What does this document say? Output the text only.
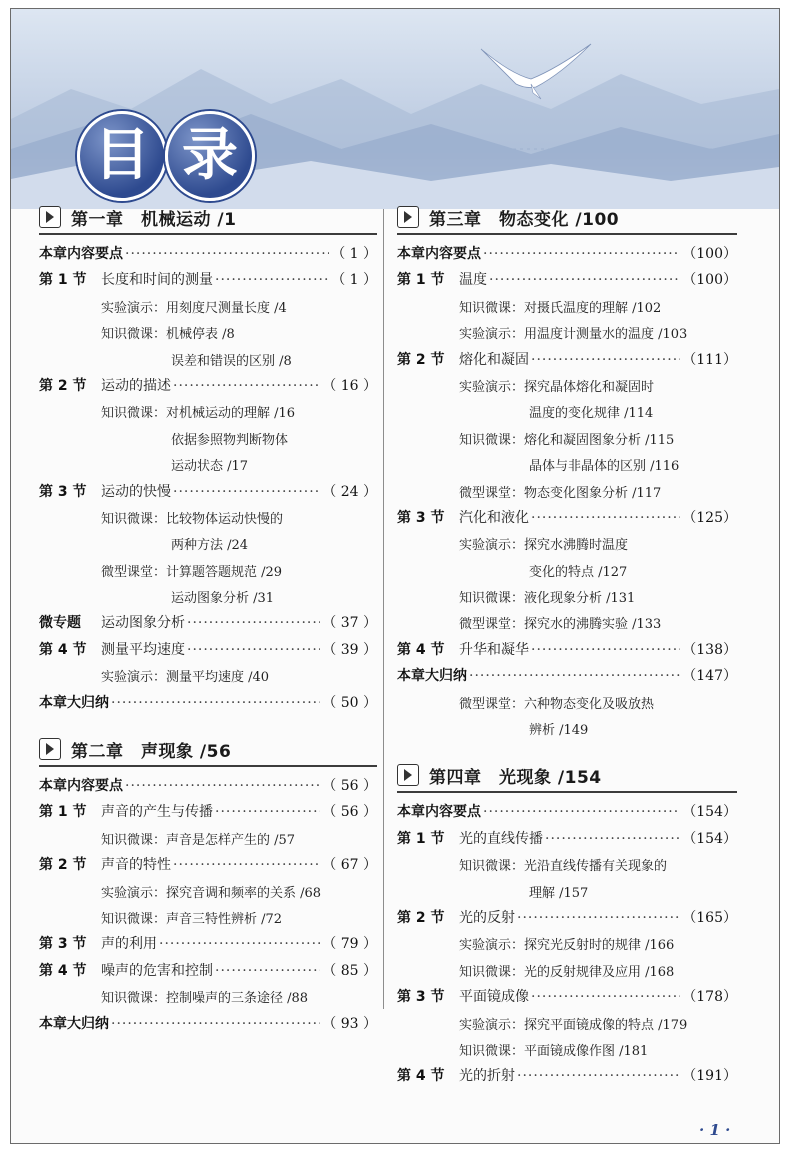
目 录
第一章　机械运动 /1
本章内容要点 ·····	（ 1 ）
第 1 节	长度和时间的测量 ·····	（ 1 ）
实验演示：用刻度尺测量长度 /4
知识微课：机械停表 /8
误差和错误的区别 /8
第 2 节	运动的描述 ·····	（ 16 ）
知识微课：对机械运动的理解 /16
依据参照物判断物体
运动状态 /17
第 3 节	运动的快慢 ·····	（ 24 ）
知识微课：比较物体运动快慢的
两种方法 /24
微型课堂：计算题答题规范 /29
运动图象分析 /31
微专题	运动图象分析 ·····	（ 37 ）
第 4 节	测量平均速度 ·····	（ 39 ）
实验演示：测量平均速度 /40
本章大归纳 ·····	（ 50 ）
第二章　声现象 /56
本章内容要点 ·····	（ 56 ）
第 1 节	声音的产生与传播 ·····	（ 56 ）
知识微课：声音是怎样产生的 /57
第 2 节	声音的特性 ·····	（ 67 ）
实验演示：探究音调和频率的关系 /68
知识微课：声音三特性辨析 /72
第 3 节	声的利用 ·····	（ 79 ）
第 4 节	噪声的危害和控制 ·····	（ 85 ）
知识微课：控制噪声的三条途径 /88
本章大归纳 ·····	（ 93 ）
第三章　物态变化 /100
本章内容要点 ·····	（100）
第 1 节	温度 ·····	（100）
知识微课：对摄氏温度的理解 /102
实验演示：用温度计测量水的温度 /103
第 2 节	熔化和凝固 ·····	（111）
实验演示：探究晶体熔化和凝固时
温度的变化规律 /114
知识微课：熔化和凝固图象分析 /115
晶体与非晶体的区别 /116
微型课堂：物态变化图象分析 /117
第 3 节	汽化和液化 ·····	（125）
实验演示：探究水沸腾时温度
变化的特点 /127
知识微课：液化现象分析 /131
微型课堂：探究水的沸腾实验 /133
第 4 节	升华和凝华 ·····	（138）
本章大归纳 ·····	（147）
微型课堂：六种物态变化及吸放热
辨析 /149
第四章　光现象 /154
本章内容要点 ·····	（154）
第 1 节	光的直线传播 ·····	（154）
知识微课：光沿直线传播有关现象的
理解 /157
第 2 节	光的反射 ·····	（165）
实验演示：探究光反射时的规律 /166
知识微课：光的反射规律及应用 /168
第 3 节	平面镜成像 ·····	（178）
实验演示：探究平面镜成像的特点 /179
知识微课：平面镜成像作图 /181
第 4 节	光的折射 ·····	（191）
· 1 ·
